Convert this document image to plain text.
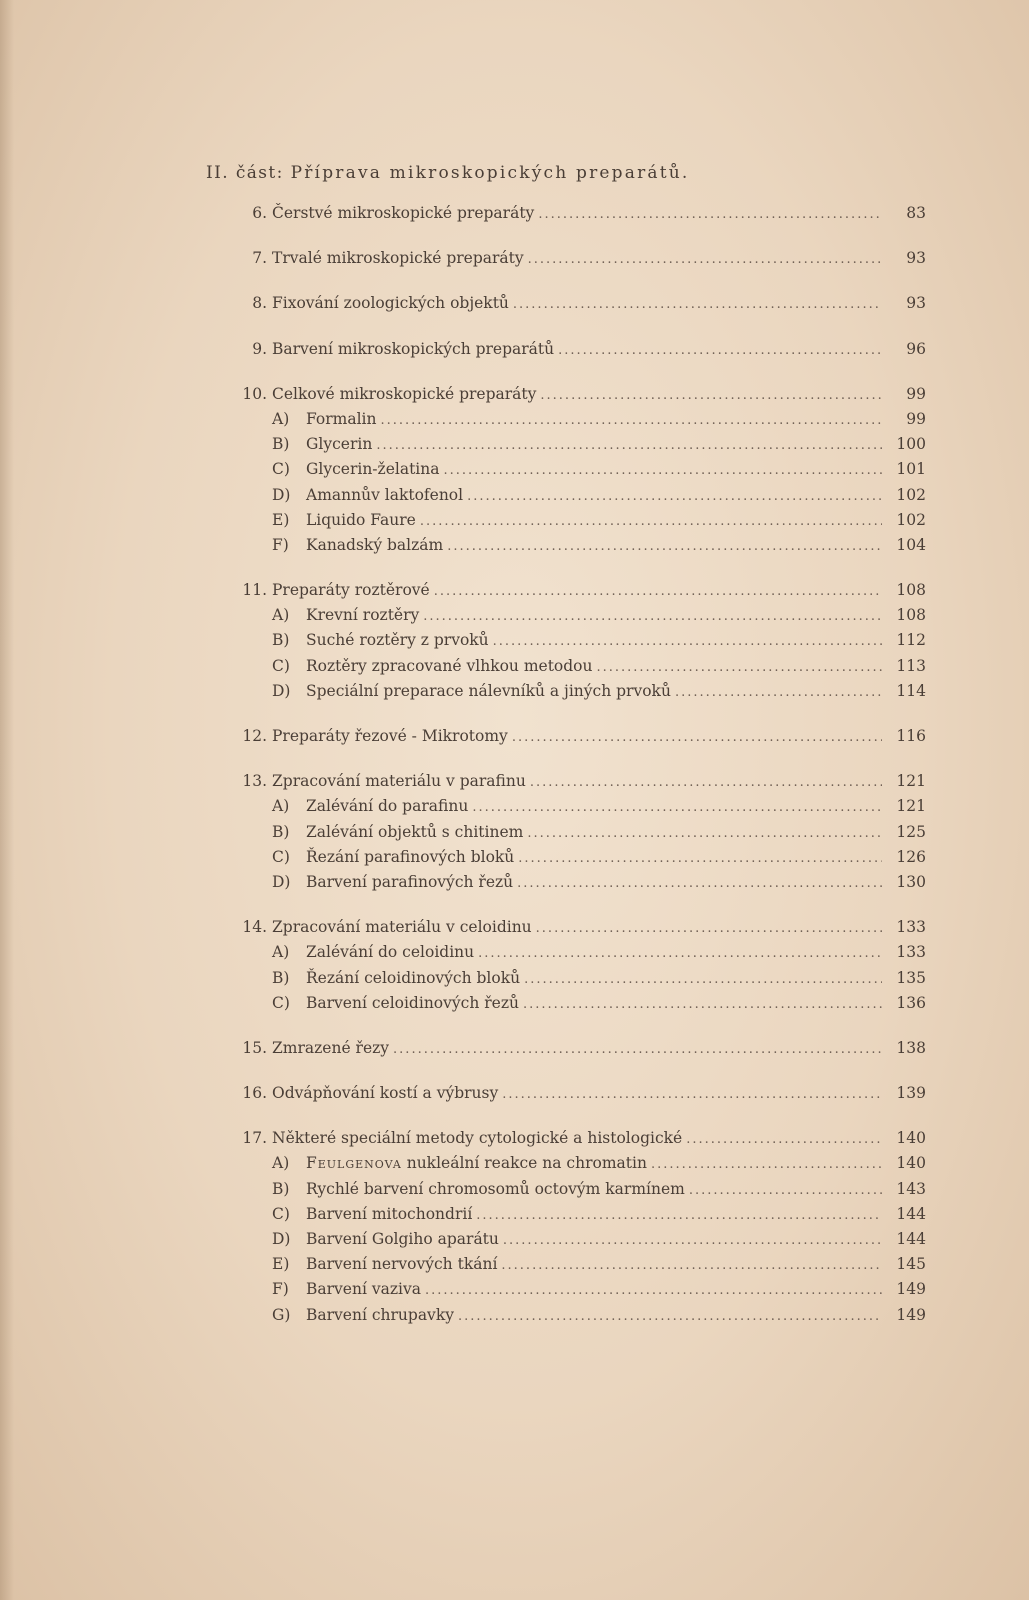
II. část: Příprava mikroskopických preparátů.
6. Čerstvé mikroskopické preparáty .....	83
7. Trvalé mikroskopické preparáty .....	93
8. Fixování zoologických objektů .....	93
9. Barvení mikroskopických preparátů .....	96
10. Celkové mikroskopické preparáty .....	99
A)	Formalin .....	99
B)	Glycerin .....	100
C)	Glycerin-želatina .....	101
D)	Amannův laktofenol .....	102
E)	Liquido Faure .....	102
F)	Kanadský balzám .....	104
11. Preparáty roztěrové .....	108
A)	Krevní roztěry .....	108
B)	Suché roztěry z prvoků .....	112
C)	Roztěry zpracované vlhkou metodou .....	113
D)	Speciální preparace nálevníků a jiných prvoků .....	114
12. Preparáty řezové - Mikrotomy .....	116
13. Zpracování materiálu v parafinu .....	121
A)	Zalévání do parafinu .....	121
B)	Zalévání objektů s chitinem .....	125
C)	Řezání parafinových bloků .....	126
D)	Barvení parafinových řezů .....	130
14. Zpracování materiálu v celoidinu .....	133
A)	Zalévání do celoidinu .....	133
B)	Řezání celoidinových bloků .....	135
C)	Barvení celoidinových řezů .....	136
15. Zmrazené řezy .....	138
16. Odvápňování kostí a výbrusy .....	139
17. Některé speciální metody cytologické a histologické .....	140
A)	Feulgenova nukleální reakce na chromatin .....	140
B)	Rychlé barvení chromosomů octovým karmínem .....	143
C)	Barvení mitochondrií .....	144
D)	Barvení Golgiho aparátu .....	144
E)	Barvení nervových tkání .....	145
F)	Barvení vaziva .....	149
G)	Barvení chrupavky .....	149
